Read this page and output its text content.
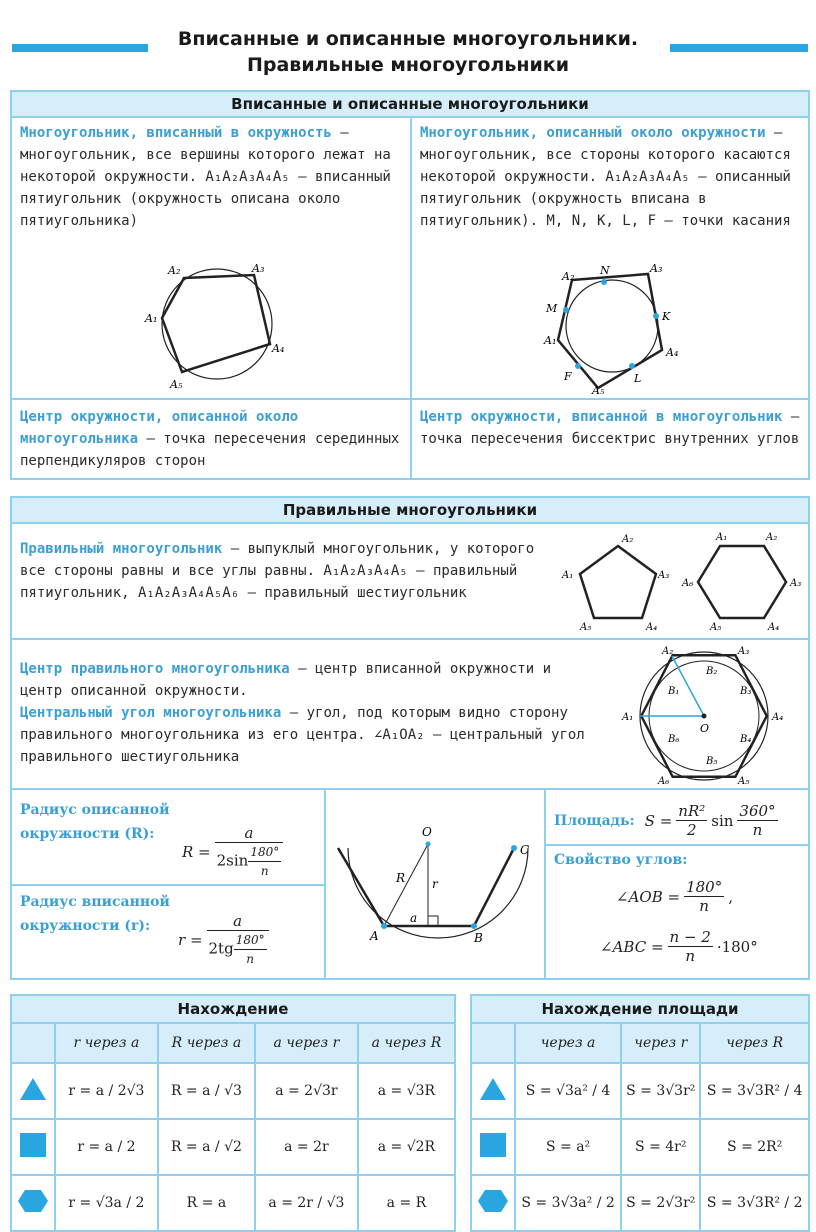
Вписанные и описанные многоугольники.
Правильные многоугольники
Вписанные и описанные многоугольники
Многоугольник, вписанный в окружность — многоугольник, все вершины которого лежат на некоторой окружности. A₁A₂A₃A₄A₅ — вписанный пятиугольник (окружность описана около пятиугольника)
A₂	A₃
A₄
A₅
A₁
Многоугольник, описанный около окружности — многоугольник, все стороны которого касаются некоторой окружности. A₁A₂A₃A₄A₅ — описанный пятиугольник (окружность вписана в пятиугольник). M, N, K, L, F — точки касания
A₂
A₃
A₄
A₅
A₁
M
N
K
L
F
Центр окружности, описанной около многоугольника — точка пересечения серединных перпендикуляров сторон
Центр окружности, вписанной в многоугольник — точка пересечения биссектрис внутренних углов
Правильные многоугольники
Правильный многоугольник — выпуклый многоугольник, у которого все стороны равны и все углы равны. A₁A₂A₃A₄A₅ — правильный пятиугольник, A₁A₂A₃A₄A₅A₆ — правильный шестиугольник
A₂
A₃
A₄
A₅
A₁
A₁	A₂
A₃
A₄
A₅
A₆
Центр правильного многоугольника — центр вписанной окружности и центр описанной окружности.
Центральный угол многоугольника — угол, под которым видно сторону правильного многоугольника из его центра. ∠A₁OA₂ — центральный угол правильного шестиугольника
A₂	A₃
A₄
A₅
A₆
A₁
B₁
B₂
B₃
B₄
B₅
B₆
O
Радиус описанной окружности (R):
$R = \frac{a}{2\sin \frac{180^\circ}{n}}$
Радиус вписанной окружности (r):
$r = \frac{a}{2tg \frac{180^\circ}{n}}$
O
R r
a
A	B
C
Площадь: $S = \frac{\text{nR²}}{2}$ $\sin \frac{360^\circ}{n}$
Свойство углов:
∠AOB = $\frac{180^\circ}{n}$ ,
∠ABC = $\frac{n - 2}{n} \cdot 180^\circ$
Нахождение
	r через a	R через a	a через r	a через R
	r = a / 2√3	R = a / √3	a = 2√3r	a = √3R
	r = a / 2	R = a / √2	a = 2r	a = √2R
	r = √3a / 2	R = a	a = 2r / √3	a = R
Нахождение площади
	через a	через r	через R
	S = √3a² / 4	S = 3√3r²	S = 3√3R² / 4
	S = a²	S = 4r²	S = 2R²
	S = 3√3a² / 2	S = 2√3r²	S = 3√3R² / 2
